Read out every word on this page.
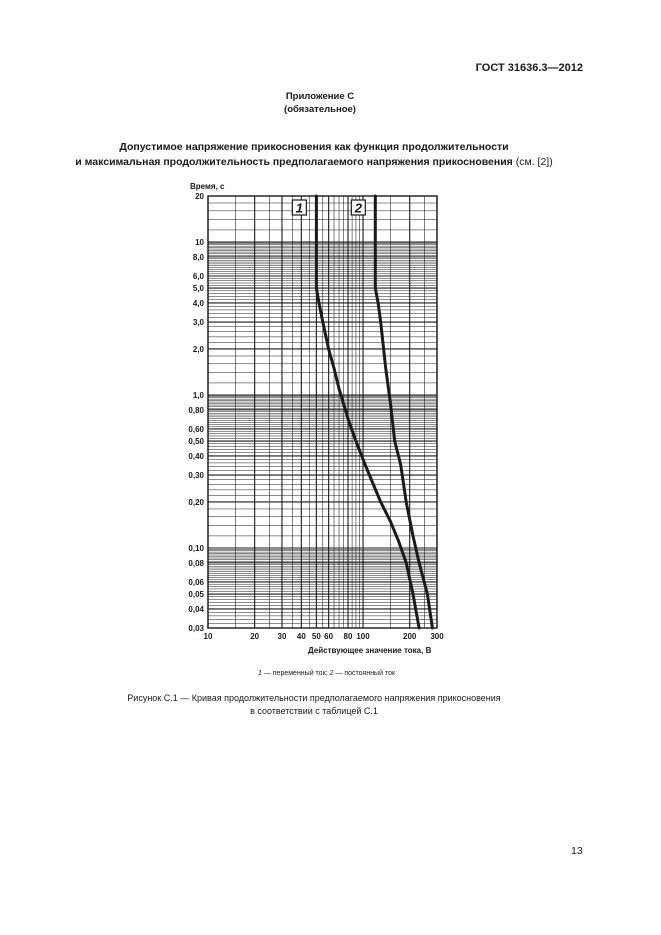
ГОСТ 31636.3—2012
Приложение С
(обязательное)
Допустимое напряжение прикосновения как функция продолжительности
и максимальная продолжительность предполагаемого напряжения прикосновения (см. [2])
20
10
8,0
6,0
5,0
4,0
3,0
2,0
1,0
0,80
0,60
0,50
0,40
0,30
0,20
0,10
0,08
0,06
0,05
0,04
0,03
10	20 30 40 50 60 80 100	200 300
Время, с
Действующее значение тока, В
1	2
1 — переменный ток; 2 — постоянный ток
Рисунок С.1 — Кривая продолжительности предполагаемого напряжения прикосновения
в соответствии с таблицей С.1
13
